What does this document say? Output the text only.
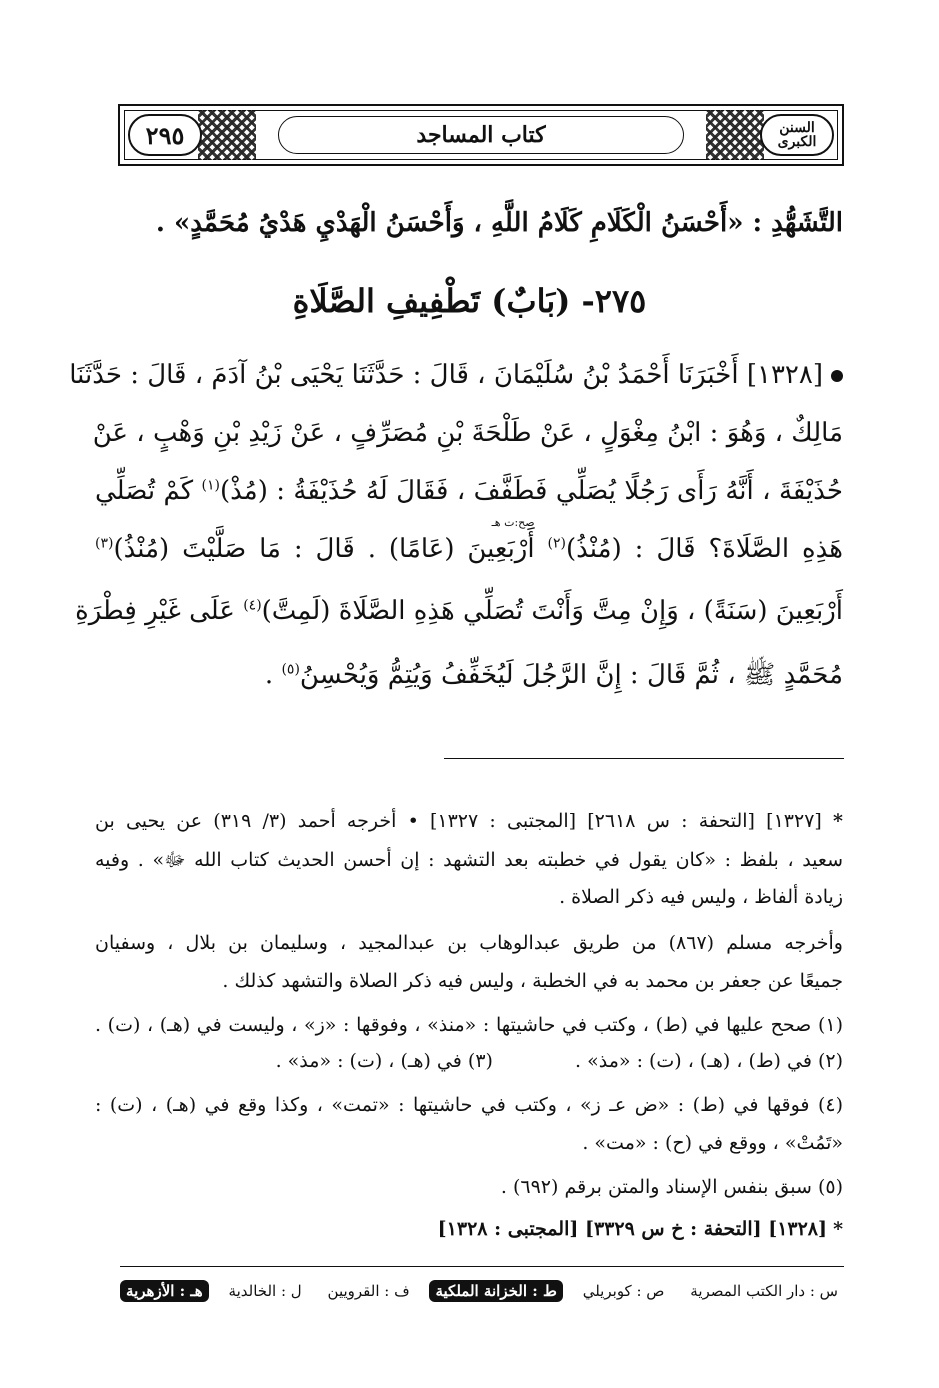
السنن
الكبرى
٢٩٥	كتاب المساجد
التَّشَهُّدِ : «أَحْسَنُ الْكَلَامِ كَلَامُ اللَّهِ ، وَأَحْسَنُ الْهَدْيِ هَدْيُ مُحَمَّدٍ» .
٢٧٥- (بَابٌ) تَطْفِيفِ الصَّلَاةِ
[١٣٢٨] أَخْبَرَنَا أَحْمَدُ بْنُ سُلَيْمَانَ ، قَالَ : حَدَّثَنَا يَحْيَى بْنُ آدَمَ ، قَالَ : حَدَّثَنَا
مَالِكٌ ، وَهُوَ : ابْنُ مِغْوَلٍ ، عَنْ طَلْحَةَ بْنِ مُصَرِّفٍ ، عَنْ زَيْدِ بْنِ وَهْبٍ ، عَنْ
حُذَيْفَةَ ، أَنَّهُ رَأَى رَجُلًا يُصَلِّي فَطَفَّفَ ، فَقَالَ لَهُ حُذَيْفَةُ : (مُذْ)$^{(١)}$ كَمْ تُصَلِّي
هَذِهِ الصَّلَاةَ؟ قَالَ : (مُنْذُ)$^{(٢)}$
صح:ت هـ
أَرْبَعِينَ (عَامًا) . قَالَ : مَا صَلَّيْتَ (مُنْذُ)$^{(٣)}$
أَرْبَعِينَ (سَنَةً) ، وَإِنْ مِتَّ وَأَنْتَ تُصَلِّي هَذِهِ الصَّلَاةَ (لَمِتَّ)$^{(٤)}$ عَلَى غَيْرِ فِطْرَةِ
مُحَمَّدٍ ﷺ ، ثُمَّ قَالَ : إِنَّ الرَّجُلَ لَيُخَفِّفُ وَيُتِمُّ وَيُحْسِنُ$^{(٥)}$ .
* [١٣٢٧] [التحفة : س ٢٦١٨] [المجتبى : ١٣٢٧] • أخرجه أحمد (٣/ ٣١٩) عن يحيى بن
سعيد ، بلفظ : «كان يقول في خطبته بعد التشهد : إن أحسن الحديث كتاب الله ﷻ» . وفيه
زيادة ألفاظ ، وليس فيه ذكر الصلاة .
وأخرجه مسلم (٨٦٧) من طريق عبدالوهاب بن عبدالمجيد ، وسليمان بن بلال ، وسفيان
جميعًا عن جعفر بن محمد به في الخطبة ، وليس فيه ذكر الصلاة والتشهد كذلك .
(١) صحح عليها في (ط) ، وكتب في حاشيتها : «منذ» ، وفوقها : «ز» ، وليست في (هـ) ، (ت) .
(٢) في (ط) ، (هـ) ، (ت) : «مذ» .  (٣) في (هـ) ، (ت) : «مذ» .
(٤) فوقها في (ط) : «ض عـ ز» ، وكتب في حاشيتها : «تمت» ، وكذا وقع في (هـ) ، (ت) :
«تَمُتْ» ، ووقع في (ح) : «مت» .
(٥) سبق بنفس الإسناد والمتن برقم (٦٩٢) .
* [١٣٢٨] [التحفة : خ س ٣٣٢٩] [المجتبى : ١٣٢٨]
س : دار الكتب المصرية
ص : كوبريلي
ط : الخزانة الملكية
ف : القرويين
ل : الخالدية
هـ : الأزهرية
